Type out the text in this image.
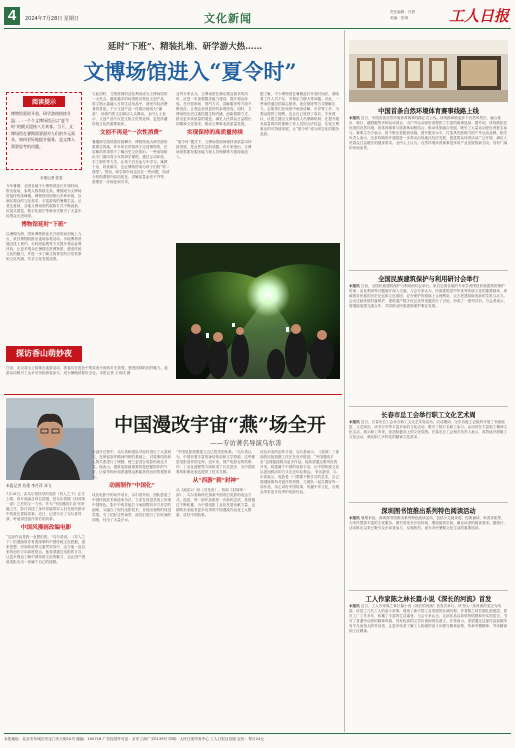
4	2024年7月28日 星期日	文化新闻	责任编辑：吕晨
美编：张琪	工人日报
延时“下班”、精装扎堆、研学游大热……
文博场馆进入“夏令时”
阅读提示
博物馆延时开放、研学游热持续升温……一个个文博场馆正以“夏令时”的模式迎接八方来客。当下，文博场馆在暑期需要面对人们的多元需求，如何更好地提升服务，是文博人需要思考的问题。
本报记者 张玺
今年暑期，全国各地不少博物馆延长开放时间，推出夜场，参观人数持续走高，暑期成为文博场馆接待的高峰期。博物馆纷纷推出多种举措，以满足观众的文化需求，丰富游客的暑期生活。记者注意到，各地文博场馆的展陈方式不断创新，沉浸式展览、数字化展厅等新形式吸引了大量年轻观众走进场馆。
博物馆延时“下班”
以暑期为例，国家博物馆延长开放时间至晚上九点，故宫博物院推出夜场参观活动。多地博物馆通过线上预约、分时段参观等方式提升观众参观体验，让更多观众在暑期走进博物馆，感受传统文化的魅力，并进一步了解文物背后的历史故事和文化内涵，共享文化发展成果。
与此同时，文物资源的活化利用成为文博场馆的一大亮点。越来越多的场馆推出特色文创产品，将文物元素融入日常生活用品中，深受年轻消费者的喜爱。不少文创产品一经推出便成为“爆款”，场馆内的文创商店人头攒动。业内人士表示，文创产品不仅是文物文化的延伸，更是传播传统文化的重要载体。
文创不再是“一次性消费”
暑期研学游热度持续攀升，博物馆成为研学游的重要目的地。许多家长带着孩子走进博物馆，在讲解员的带领下了解历史文化知识。一些场馆推出专门面向青少年的研学课程，通过互动体验、手工制作等方式，让孩子们在参与中学习，寓教于乐，收获颇丰，也让博物馆成为孩子们的“第二课堂”。然而，研学游市场也存在一些问题，如部分机构课程内容同质化、讲解质量参差不齐等，需要进一步规范和引导。
业内专家认为，文博场馆在满足观众需求的同时，应进一步加强服务能力建设，提升观众体验。在开放时间、预约方式、讲解服务等方面不断优化，让观众获得更好的参观体验。同时，文博场馆还应注重挖掘文物内涵，创新展陈方式，推出更多高质量的展览，满足人民群众日益增长的精神文化需求，推动文博事业高质量发展。
实现保持的高质量持续
“夏令时”模式下，文博场馆如何保持高质量可持续发展，是业界关注的话题。有专家指出，文博场馆需要在服务能力和人员保障等方面持续投入。
据了解，不少博物馆在暑期延长开放时间后，面临着工作人员不足、安保压力增大等问题。对此，一些场馆通过招募志愿者、优化排班等方式缓解压力。志愿者们在场馆中承担讲解、引导等工作，为观众提供了便利，也让自己收获了成长。专家建议，应建立健全文博场馆人员保障机制，在提升服务质量的同时保障工作人员的合法权益，实现文博事业的可持续发展，让“夏令时”成为常态化的服务品质。
探访香山萌妙夜
日前，北京香山公园推出夜游活动，游客们在夜色中观赏萤火般的灯光景观，感受园林的别样魅力。夜游活动吸引了众多市民和游客参与，成为暑期消夏好去处。本报记者 王伟伟 摄
中国漫改宇宙“燕”场全开
——专访著名导演乌尔善
本报记者 苏墨 李丹萍 邓飞
7月28日，由乌尔善执导的电影《异人之下》正式上映。该片改编自同名国漫，是乌尔善继《封神第一部》之后的又一力作。作为“中国漫改宇宙”的开篇之作，影片讲述了身怀异能的异人们在现代都市中的奇幻冒险故事。近日，记者专访了乌尔善导演，听他讲述创作背后的故事。
中国风漫画改编电影
“这部作品是我一直想拍的。”乌尔善说，《异人之下》的漫画原作有着深厚的中国传统文化底蕴，道家思想、民间传说等元素贯穿其中，这与他一直以来的创作方向高度契合。他希望通过电影的方式，让更多观众了解中国传统文化的魅力，也让国产漫改电影走出一条属于自己的道路。
在创作过程中，乌尔善和团队对原作进行了大量研究，在保留原作精神内核的基础上，对故事结构和人物关系进行了调整，使之更适合电影的表达方式。他表示，漫改电影最重要的是把握原作的气质，让原作粉丝和普通观众都能获得良好的观影体验。
动画制作“中国化”
谈及电影中的动作设计，乌尔善介绍，团队借鉴了中国传统武术和道家功法，力求在视觉呈现上体现中国特色。影片中的异能打斗场面既有东方美学的韵味，又融合了现代电影技术，呈现出独特的视觉效果。为了拍好这些场景，演员们进行了长时间的训练，付出了大量汗水。
“中国电影需要建立自己的类型体系。”乌尔善认为，中国有着丰富的神话传说和文学资源，这些都是电影创作的宝库。近年来，国产电影在特效制作、工业化流程等方面取得了长足进步，为中国故事的影像化表达提供了技术支撑。
从“西游”到“封神”
从《画皮2》到《寻龙诀》，再到《封神第一部》，乌尔善始终在探索中国奇幻电影的表达方式。他说，每一部作品都是一次新的尝试，希望通过不断积累，为中国电影工业化发展贡献力量，也期待未来能有更多优秀的中国漫改作品登上大银幕，讲好中国故事。
谈及未来的创作计划，乌尔善表示，《封神》三部曲的后续拍摄工作正在有序推进，“中国漫改宇宙”也将陆续推出更多作品。他希望通过系列化的开发，构建属于中国的电影宇宙，让中国传统文化以更加鲜活的方式走近年轻观众。 采访最后，乌尔善表示，电影是一门需要不断学习的艺术，自己将继续保持对创作的热情，与团队一起打磨好每一部作品，用心讲好中国故事，传播中华文化，为观众带来更多优秀的电影作品。
中国首条自然环境体育赛事线路上线
本报讯 近日，中国首条自然环境体育赛事线路正式上线。该线路串联起多个自然风景区，融合徒步、骑行、越野跑等多种运动项目，为户外运动爱好者提供了丰富的赛事选择。据介绍，该线路依托优美的自然环境，将体育赛事与旅游休闲相结合，推动体旅融合发展，吸引了大量运动爱好者报名参与。赛事主办方表示，将不断完善配套设施，提升服务水平，打造具有影响力的户外运动品牌。相关负责人表示，这条线路的开通将进一步带动沿线地区经济发展，促进群众体育活动广泛开展，满足人民群众日益增长的健身需求。业内人士认为，自然环境体育赛事是体育产业发展的新方向，具有广阔的市场前景。
全国民族建筑保护与利用研讨会举行
本报讯 日前，全国民族建筑保护与利用研讨会举行。来自全国各地的专家学者围绕民族建筑的保护传承、活化利用等议题展开深入交流。与会专家认为，民族建筑是中华优秀传统文化的重要载体，承载着各民族的历史记忆和文化基因，应在保护的基础上合理利用，让古老建筑焕发新的生机与活力。会议还就传统村落保护、建筑遗产数字化记录等话题进行了讨论，形成了一系列共识。与会者表示，将继续加强交流合作，共同推动民族建筑保护事业发展。
长春市总工会举行职工文化艺术周
本报讯 近日，长春市总工会举办职工文化艺术周活动。活动期间，全市各级工会组织开展了书画展览、文艺演出、读书分享等丰富多彩的文化活动，吸引了数万名职工参与。活动旨在丰富职工精神文化生活，展示职工风采，营造积极向上的文化氛围。长春市总工会相关负责人表示，将持续开展职工文化活动，满足职工多样化的精神文化需求。
深圳图书馆推出系列特色阅读活动
本报讯 暑期来临，深圳图书馆推出系列特色阅读活动，包括少儿阅读营、经典诵读、科普讲座等，为市民提供丰富的文化服务。图书馆延长开放时间，增设阅读空间，满足读者的阅读需求。据统计，活动推出以来已吸引众多读者参与，反响热烈，成为市民暑期文化生活的重要选择。
工人作家陈之林长篇小说《深长的河流》首发
本报讯 近日，工人作家陈之林长篇小说《深长的河流》首发式举行。该书以一条河流的变迁为线索，讲述了几代工人的奋斗故事，展现了新中国工业发展的壮阔历程。作者陈之林长期扎根基层，曾在工厂工作多年，积累了丰富的生活素材。与会专家认为，这部作品以真挚的情感和朴实的语言，书写了普通劳动者的精神风貌，具有较高的文学价值和现实意义。作者表示，希望通过这部作品致敬所有平凡而伟大的劳动者，让更多读者了解工人阶级的奋斗历程与精神品格，传承劳模精神、劳动精神和工匠精神。
本报地址：北京市东城区安定门东大街10号 邮编：100718 广告经营许可证：京东工商广字0139号 印刷：人民日报印务中心 工人日报社出版 定价：每月24元
